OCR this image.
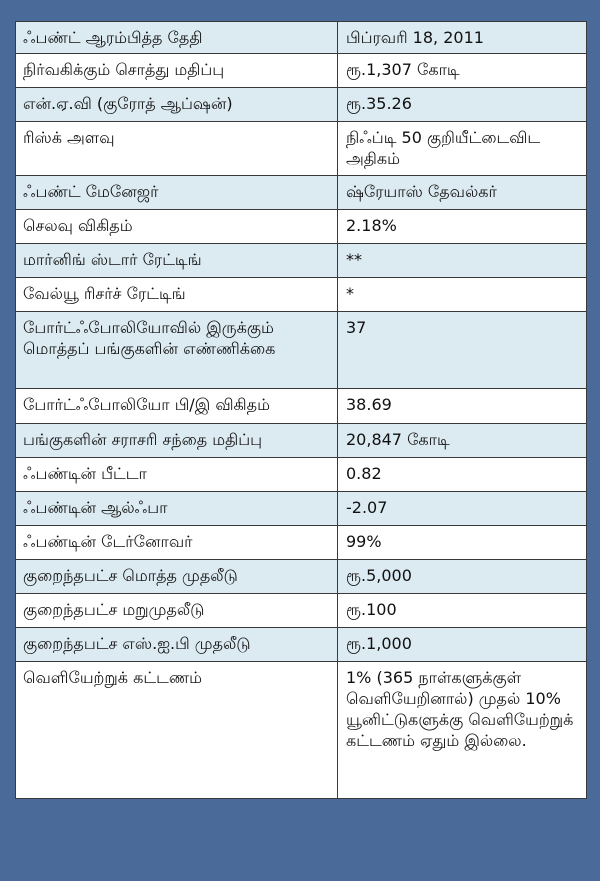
ஃபண்ட் ஆரம்பித்த தேதி	பிப்ரவரி 18, 2011
நிர்வகிக்கும் சொத்து மதிப்பு	ரூ.1,307 கோடி
என்.ஏ.வி (குரோத் ஆப்ஷன்)	ரூ.35.26
ரிஸ்க் அளவு	நிஃப்டி 50 குறியீட்டைவிட அதிகம்
ஃபண்ட் மேனேஜர்	ஷ்ரேயாஸ் தேவல்கர்
செலவு விகிதம்	2.18%
மார்னிங் ஸ்டார் ரேட்டிங்	**
வேல்யூ ரிசர்ச் ரேட்டிங்	*
போர்ட்ஃபோலியோவில் இருக்கும் மொத்தப் பங்குகளின் எண்ணிக்கை	37
போர்ட்ஃபோலியோ பி/இ விகிதம்	38.69
பங்குகளின் சராசரி சந்தை மதிப்பு	20,847 கோடி
ஃபண்டின் பீட்டா	0.82
ஃபண்டின் ஆல்ஃபா	-2.07
ஃபண்டின் டேர்னோவர்	99%
குறைந்தபட்ச மொத்த முதலீடு	ரூ.5,000
குறைந்தபட்ச மறுமுதலீடு	ரூ.100
குறைந்தபட்ச எஸ்.ஐ.பி முதலீடு	ரூ.1,000
வெளியேற்றுக் கட்டணம்	1% (365 நாள்களுக்குள் வெளியேறினால்) முதல் 10% யூனிட்டுகளுக்கு வெளியேற்றுக் கட்டணம் ஏதும் இல்லை.
